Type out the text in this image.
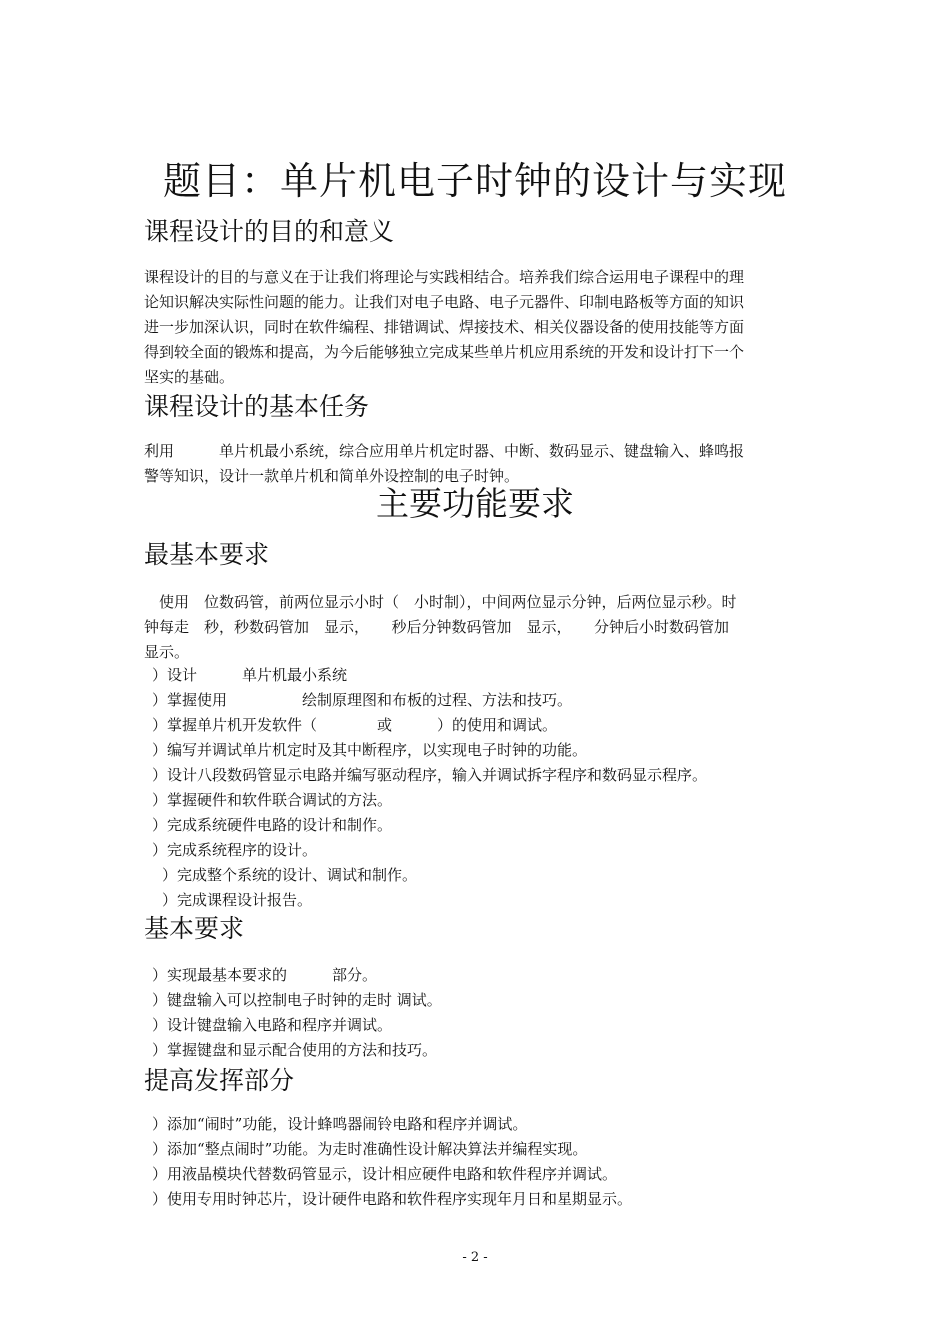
题目：单片机电子时钟的设计与实现
课程设计的目的和意义
课程设计的目的与意义在于让我们将理论与实践相结合。培养我们综合运用电子课程中的理
论知识解决实际性问题的能力。让我们对电子电路、电子元器件、印制电路板等方面的知识
进一步加深认识，同时在软件编程、排错调试、焊接技术、相关仪器设备的使用技能等方面
得到较全面的锻炼和提高，为今后能够独立完成某些单片机应用系统的开发和设计打下一个
坚实的基础。
课程设计的基本任务
利用　　　单片机最小系统，综合应用单片机定时器、中断、数码显示、键盘输入、蜂鸣报
警等知识，设计一款单片机和简单外设控制的电子时钟。
主要功能要求
最基本要求
　使用　位数码管，前两位显示小时（　小时制），中间两位显示分钟，后两位显示秒。时
钟每走　秒，秒数码管加　显示，　　秒后分钟数码管加　显示，　　分钟后小时数码管加
显示。
）设计　　　单片机最小系统
）掌握使用　　　　　绘制原理图和布板的过程、方法和技巧。
）掌握单片机开发软件（　　　　或　　　）的使用和调试。
）编写并调试单片机定时及其中断程序，以实现电子时钟的功能。
）设计八段数码管显示电路并编写驱动程序，输入并调试拆字程序和数码显示程序。
）掌握硬件和软件联合调试的方法。
）完成系统硬件电路的设计和制作。
）完成系统程序的设计。
）完成整个系统的设计、调试和制作。
）完成课程设计报告。
基本要求
）实现最基本要求的　　　部分。
）键盘输入可以控制电子时钟的走时 调试。
）设计键盘输入电路和程序并调试。
）掌握键盘和显示配合使用的方法和技巧。
提高发挥部分
）添加“闹时”功能，设计蜂鸣器闹铃电路和程序并调试。
）添加“整点闹时”功能。为走时准确性设计解决算法并编程实现。
）用液晶模块代替数码管显示，设计相应硬件电路和软件程序并调试。
）使用专用时钟芯片，设计硬件电路和软件程序实现年月日和星期显示。
- 2 -
